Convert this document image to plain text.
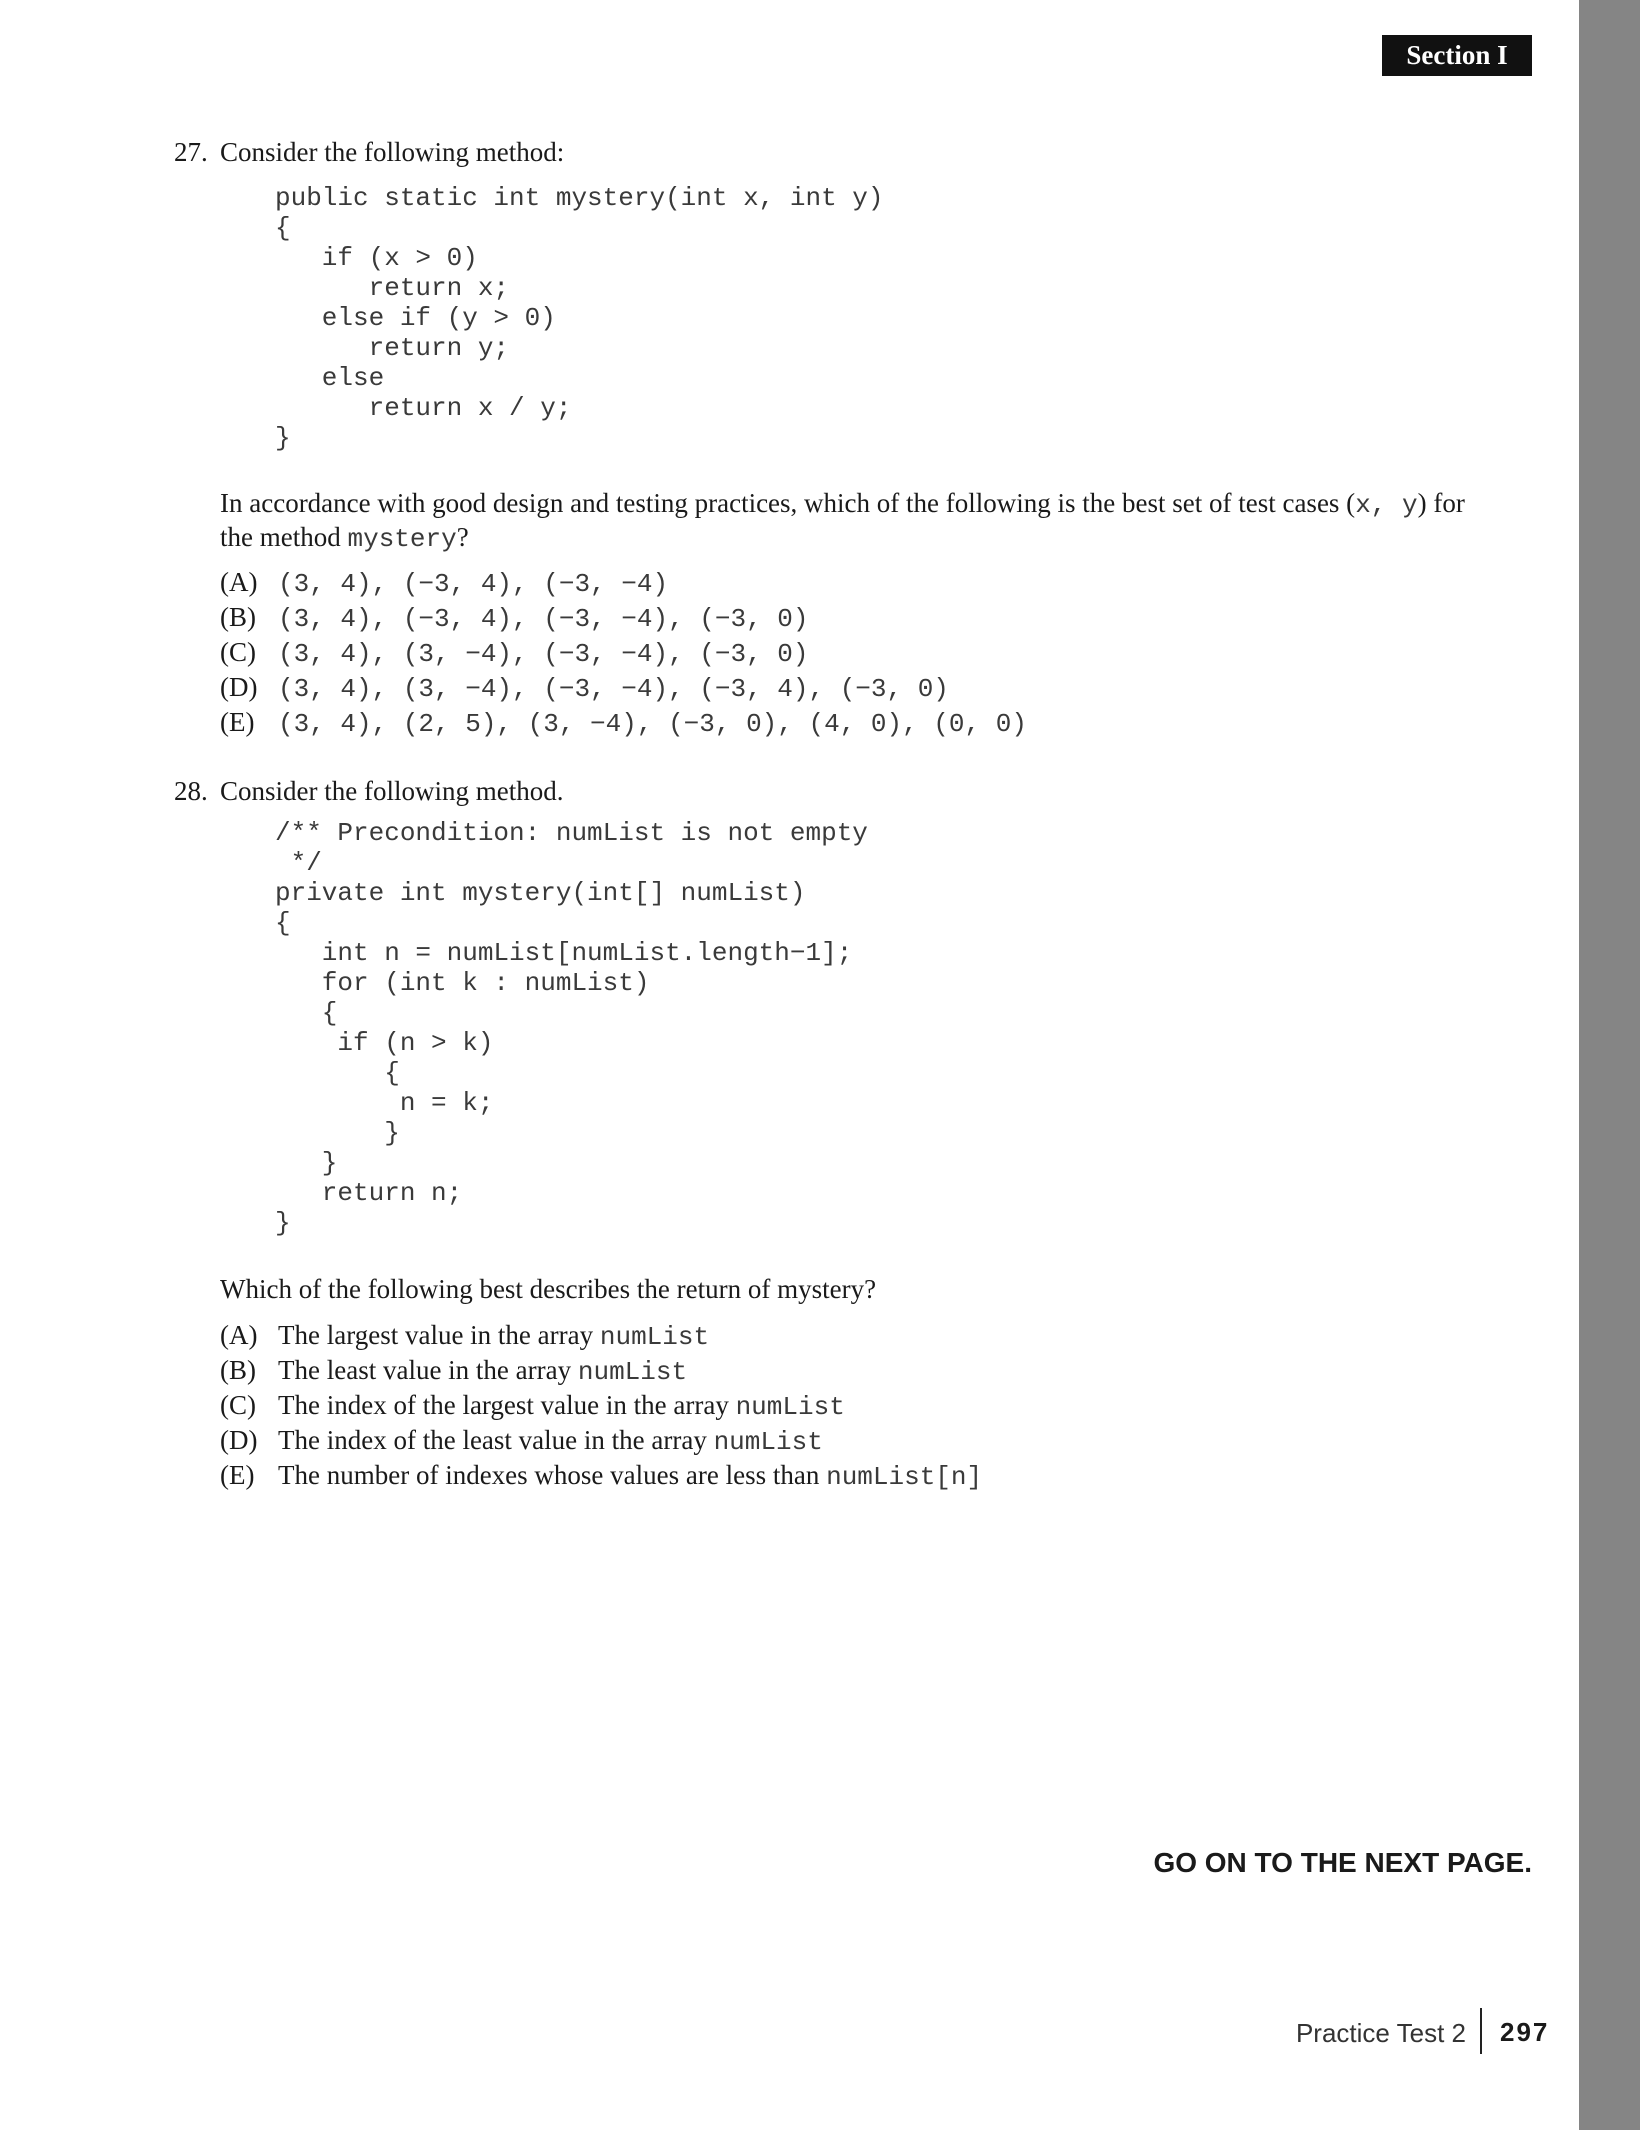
Section I
27. Consider the following method:
public static int mystery(int x, int y)
{
if (x > 0)
return x;
else if (y > 0)
return y;
else
return x / y;
}
In accordance with good design and testing practices, which of the following is the best set of test cases (x, y) for the method mystery?
(A) (3, 4), (−3, 4), (−3, −4)
(B) (3, 4), (−3, 4), (−3, −4), (−3, 0)
(C) (3, 4), (3, −4), (−3, −4), (−3, 0)
(D) (3, 4), (3, −4), (−3, −4), (−3, 4), (−3, 0)
(E) (3, 4), (2, 5), (3, −4), (−3, 0), (4, 0), (0, 0)
28. Consider the following method.
/** Precondition: numList is not empty
*/
private int mystery(int[] numList)
{
int n = numList[numList.length−1];
for (int k : numList)
{
if (n > k)
{
n = k;
}
}
return n;
}
Which of the following best describes the return of mystery?
(A) The largest value in the array numList
(B) The least value in the array numList
(C) The index of the largest value in the array numList
(D) The index of the least value in the array numList
(E) The number of indexes whose values are less than numList[n]
GO ON TO THE NEXT PAGE.
Practice Test 2 297
